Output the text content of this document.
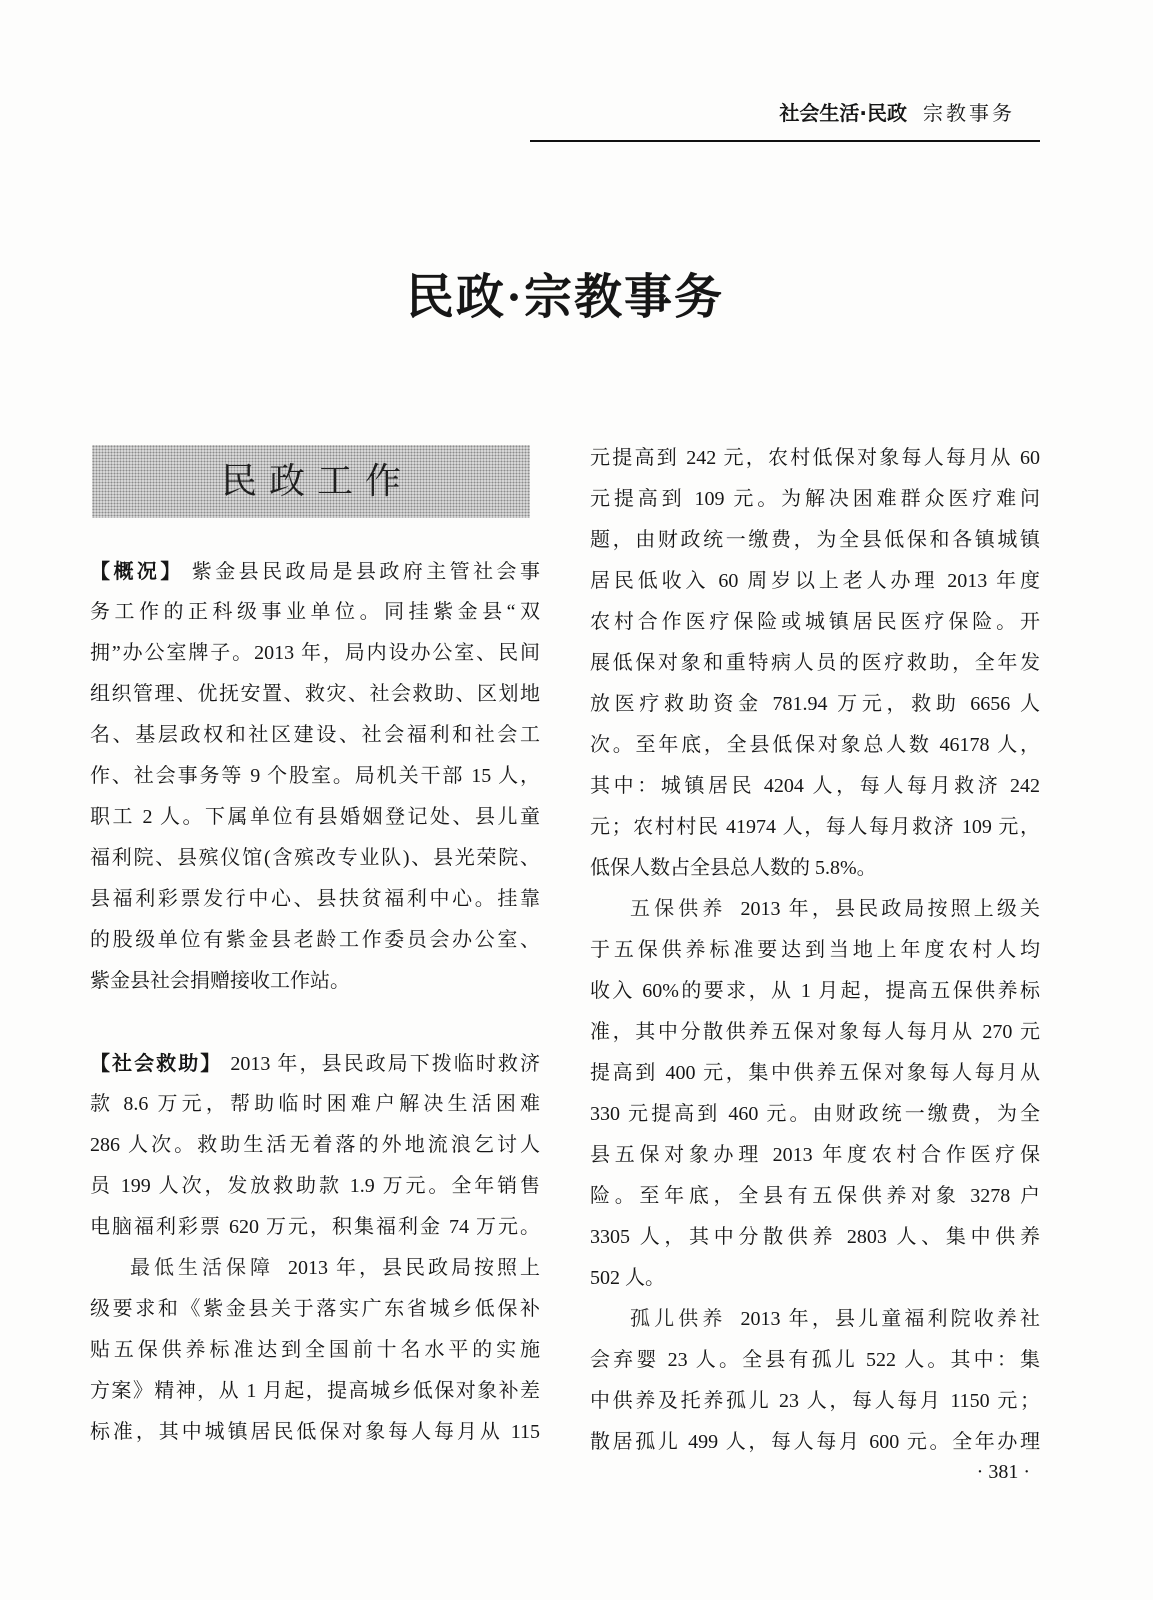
社会生活·民政 宗教事务
民政·宗教事务
民政工作
【概况】 紫金县民政局是县政府主管社会事
务工作的正科级事业单位。同挂紫金县“双
拥”办公室牌子。2013 年，局内设办公室、民间
组织管理、优抚安置、救灾、社会救助、区划地
名、基层政权和社区建设、社会福利和社会工
作、社会事务等 9 个股室。局机关干部 15 人，
职工 2 人。下属单位有县婚姻登记处、县儿童
福利院、县殡仪馆(含殡改专业队)、县光荣院、
县福利彩票发行中心、县扶贫福利中心。挂靠
的股级单位有紫金县老龄工作委员会办公室、
紫金县社会捐赠接收工作站。
【社会救助】 2013 年，县民政局下拨临时救济
款 8.6 万元，帮助临时困难户解决生活困难
286 人次。救助生活无着落的外地流浪乞讨人
员 199 人次，发放救助款 1.9 万元。全年销售
电脑福利彩票 620 万元，积集福利金 74 万元。
最低生活保障 2013 年，县民政局按照上
级要求和《紫金县关于落实广东省城乡低保补
贴五保供养标准达到全国前十名水平的实施
方案》精神，从 1 月起，提高城乡低保对象补差
标准，其中城镇居民低保对象每人每月从 115
元提高到 242 元，农村低保对象每人每月从 60
元提高到 109 元。为解决困难群众医疗难问
题，由财政统一缴费，为全县低保和各镇城镇
居民低收入 60 周岁以上老人办理 2013 年度
农村合作医疗保险或城镇居民医疗保险。开
展低保对象和重特病人员的医疗救助，全年发
放医疗救助资金 781.94 万元，救助 6656 人
次。至年底，全县低保对象总人数 46178 人，
其中：城镇居民 4204 人，每人每月救济 242
元；农村村民 41974 人，每人每月救济 109 元，
低保人数占全县总人数的 5.8%。
五保供养 2013 年，县民政局按照上级关
于五保供养标准要达到当地上年度农村人均
收入 60%的要求，从 1 月起，提高五保供养标
准，其中分散供养五保对象每人每月从 270 元
提高到 400 元，集中供养五保对象每人每月从
330 元提高到 460 元。由财政统一缴费，为全
县五保对象办理 2013 年度农村合作医疗保
险。至年底，全县有五保供养对象 3278 户
3305 人，其中分散供养 2803 人、集中供养
502 人。
孤儿供养 2013 年，县儿童福利院收养社
会弃婴 23 人。全县有孤儿 522 人。其中：集
中供养及托养孤儿 23 人，每人每月 1150 元；
散居孤儿 499 人，每人每月 600 元。全年办理
· 381 ·
